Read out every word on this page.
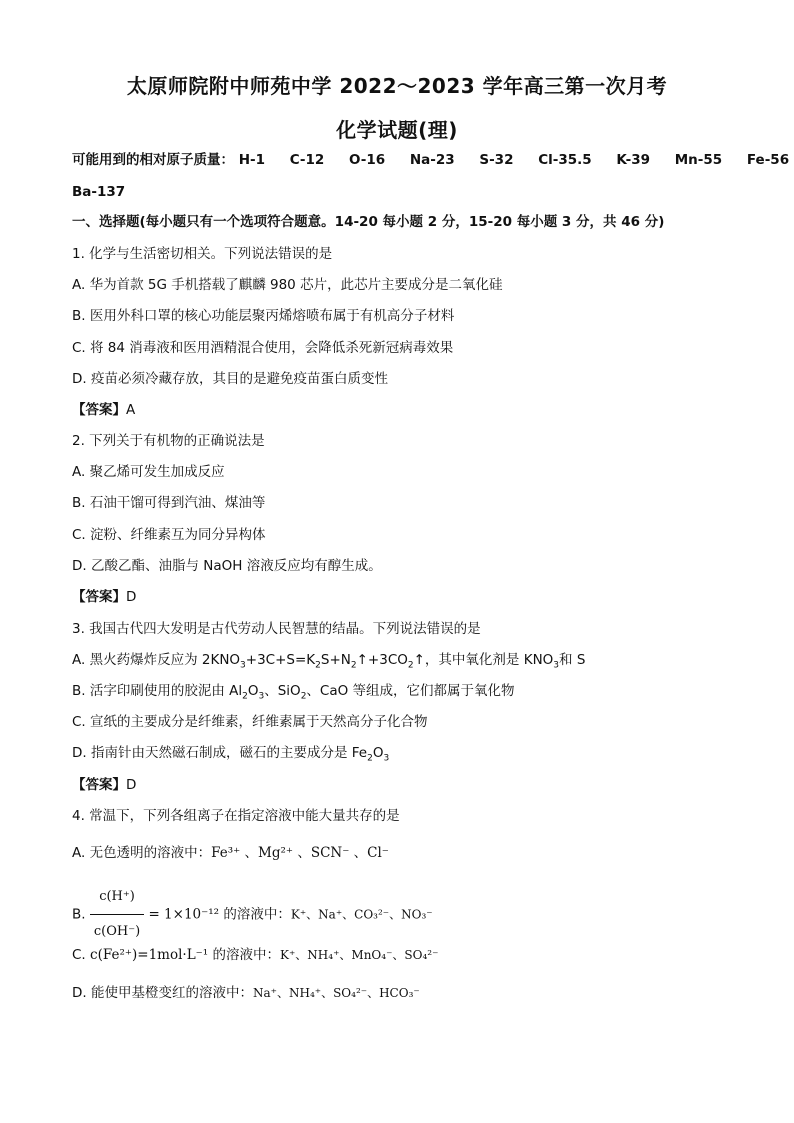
太原师院附中师苑中学 2022～2023 学年高三第一次月考
化学试题(理)
可能用到的相对原子质量： H-1 C-12 O-16 Na-23 S-32 Cl-35.5 K-39 Mn-55 Fe-56
Ba-137
一、选择题(每小题只有一个选项符合题意。14-20 每小题 2 分，15-20 每小题 3 分，共 46 分)
1. 化学与生活密切相关。下列说法错误的是
A. 华为首款 5G 手机搭载了麒麟 980 芯片，此芯片主要成分是二氧化硅
B. 医用外科口罩的核心功能层聚丙烯熔喷布属于有机高分子材料
C. 将 84 消毒液和医用酒精混合使用，会降低杀死新冠病毒效果
D. 疫苗必须冷藏存放，其目的是避免疫苗蛋白质变性
【答案】A
2. 下列关于有机物的正确说法是
A. 聚乙烯可发生加成反应
B. 石油干馏可得到汽油、煤油等
C. 淀粉、纤维素互为同分异构体
D. 乙酸乙酯、油脂与 NaOH 溶液反应均有醇生成。
【答案】D
3. 我国古代四大发明是古代劳动人民智慧的结晶。下列说法错误的是
A. 黑火药爆炸反应为 $2KNO_3+3C+S=K_2S+N_2↑+3CO_2↑$，其中氧化剂是 $KNO_3$和 S
B. 活字印刷使用的胶泥由 $Al_2O_3$、SiO$_2$、CaO 等组成，它们都属于氧化物
C. 宣纸的主要成分是纤维素，纤维素属于天然高分子化合物
D. 指南针由天然磁石制成，磁石的主要成分是 $Fe_2O_3$
【答案】D
4. 常温下，下列各组离子在指定溶液中能大量共存的是
A. 无色透明的溶液中：Fe³⁺ 、Mg²⁺ 、SCN⁻ 、Cl⁻
B. $\frac{c(H^+)}{c(OH^-)} = 1\times 10^{-12}$ 的溶液中：K⁺、Na⁺、CO₃²⁻、NO₃⁻
C. c(Fe²⁺)=1mol·L⁻¹ 的溶液中：K⁺、NH₄⁺、MnO₄⁻、SO₄²⁻
D. 能使甲基橙变红的溶液中：Na⁺、NH₄⁺、SO₄²⁻、HCO₃⁻
